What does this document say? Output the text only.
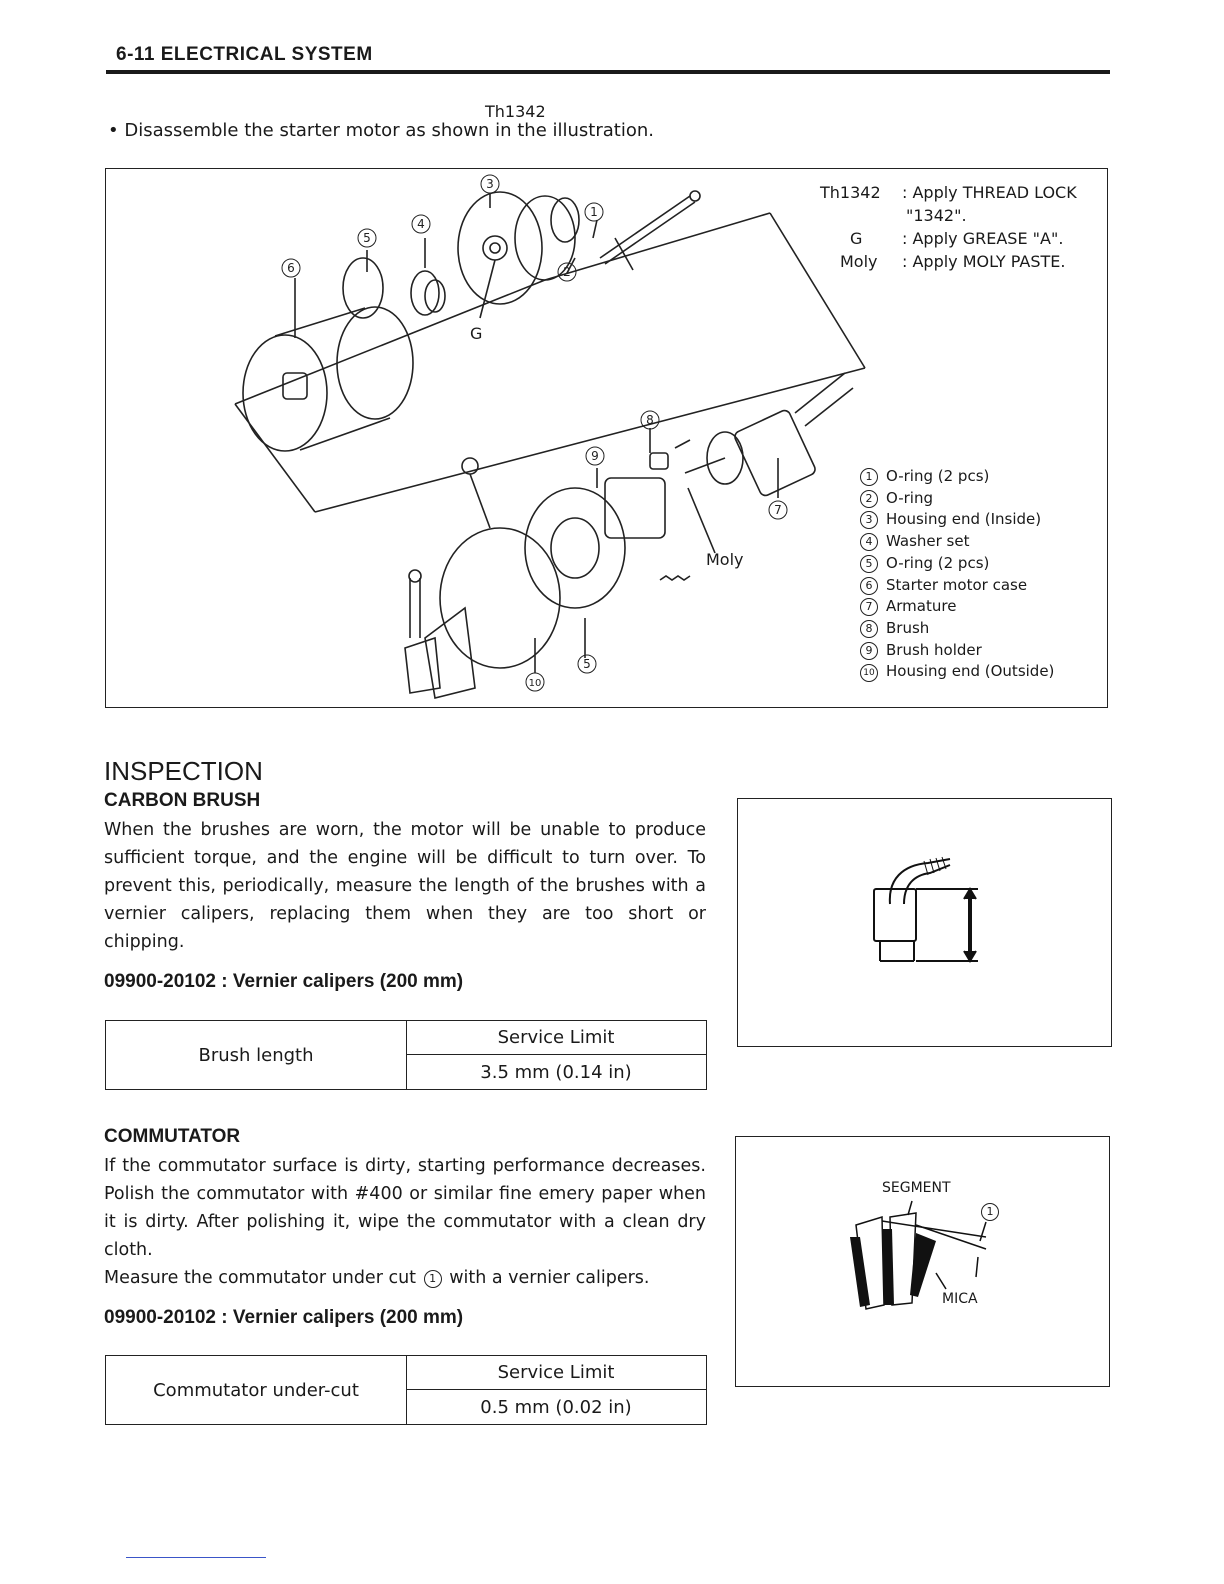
6-11 ELECTRICAL SYSTEM
• Disassemble the starter motor as shown in the illustration.
3
1
2
4
5
6
8
9
7
5
10
Th1342
G
Moly
Th1342 : Apply THREAD LOCK
"1342".
G : Apply GREASE "A".
Moly : Apply MOLY PASTE.
1 O-ring (2 pcs)
2 O-ring
3 Housing end (Inside)
4 Washer set
5 O-ring (2 pcs)
6 Starter motor case
7 Armature
8 Brush
9 Brush holder
10 Housing end (Outside)
INSPECTION
CARBON BRUSH
When the brushes are worn, the motor will be unable to produce sufficient torque, and the engine will be difficult to turn over. To prevent this, periodically, measure the length of the brushes with a vernier calipers, replacing them when they are too short or chipping.
09900-20102 : Vernier calipers (200 mm)
Brush length
Service Limit
3.5 mm (0.14 in)
COMMUTATOR
If the commutator surface is dirty, starting performance decreases. Polish the commutator with #400 or similar fine emery paper when it is dirty. After polishing it, wipe the commutator with a clean dry cloth.
Measure the commutator under cut 1 with a vernier calipers.
09900-20102 : Vernier calipers (200 mm)
Commutator under-cut
Service Limit
0.5 mm (0.02 in)
SEGMENT
MICA
1
